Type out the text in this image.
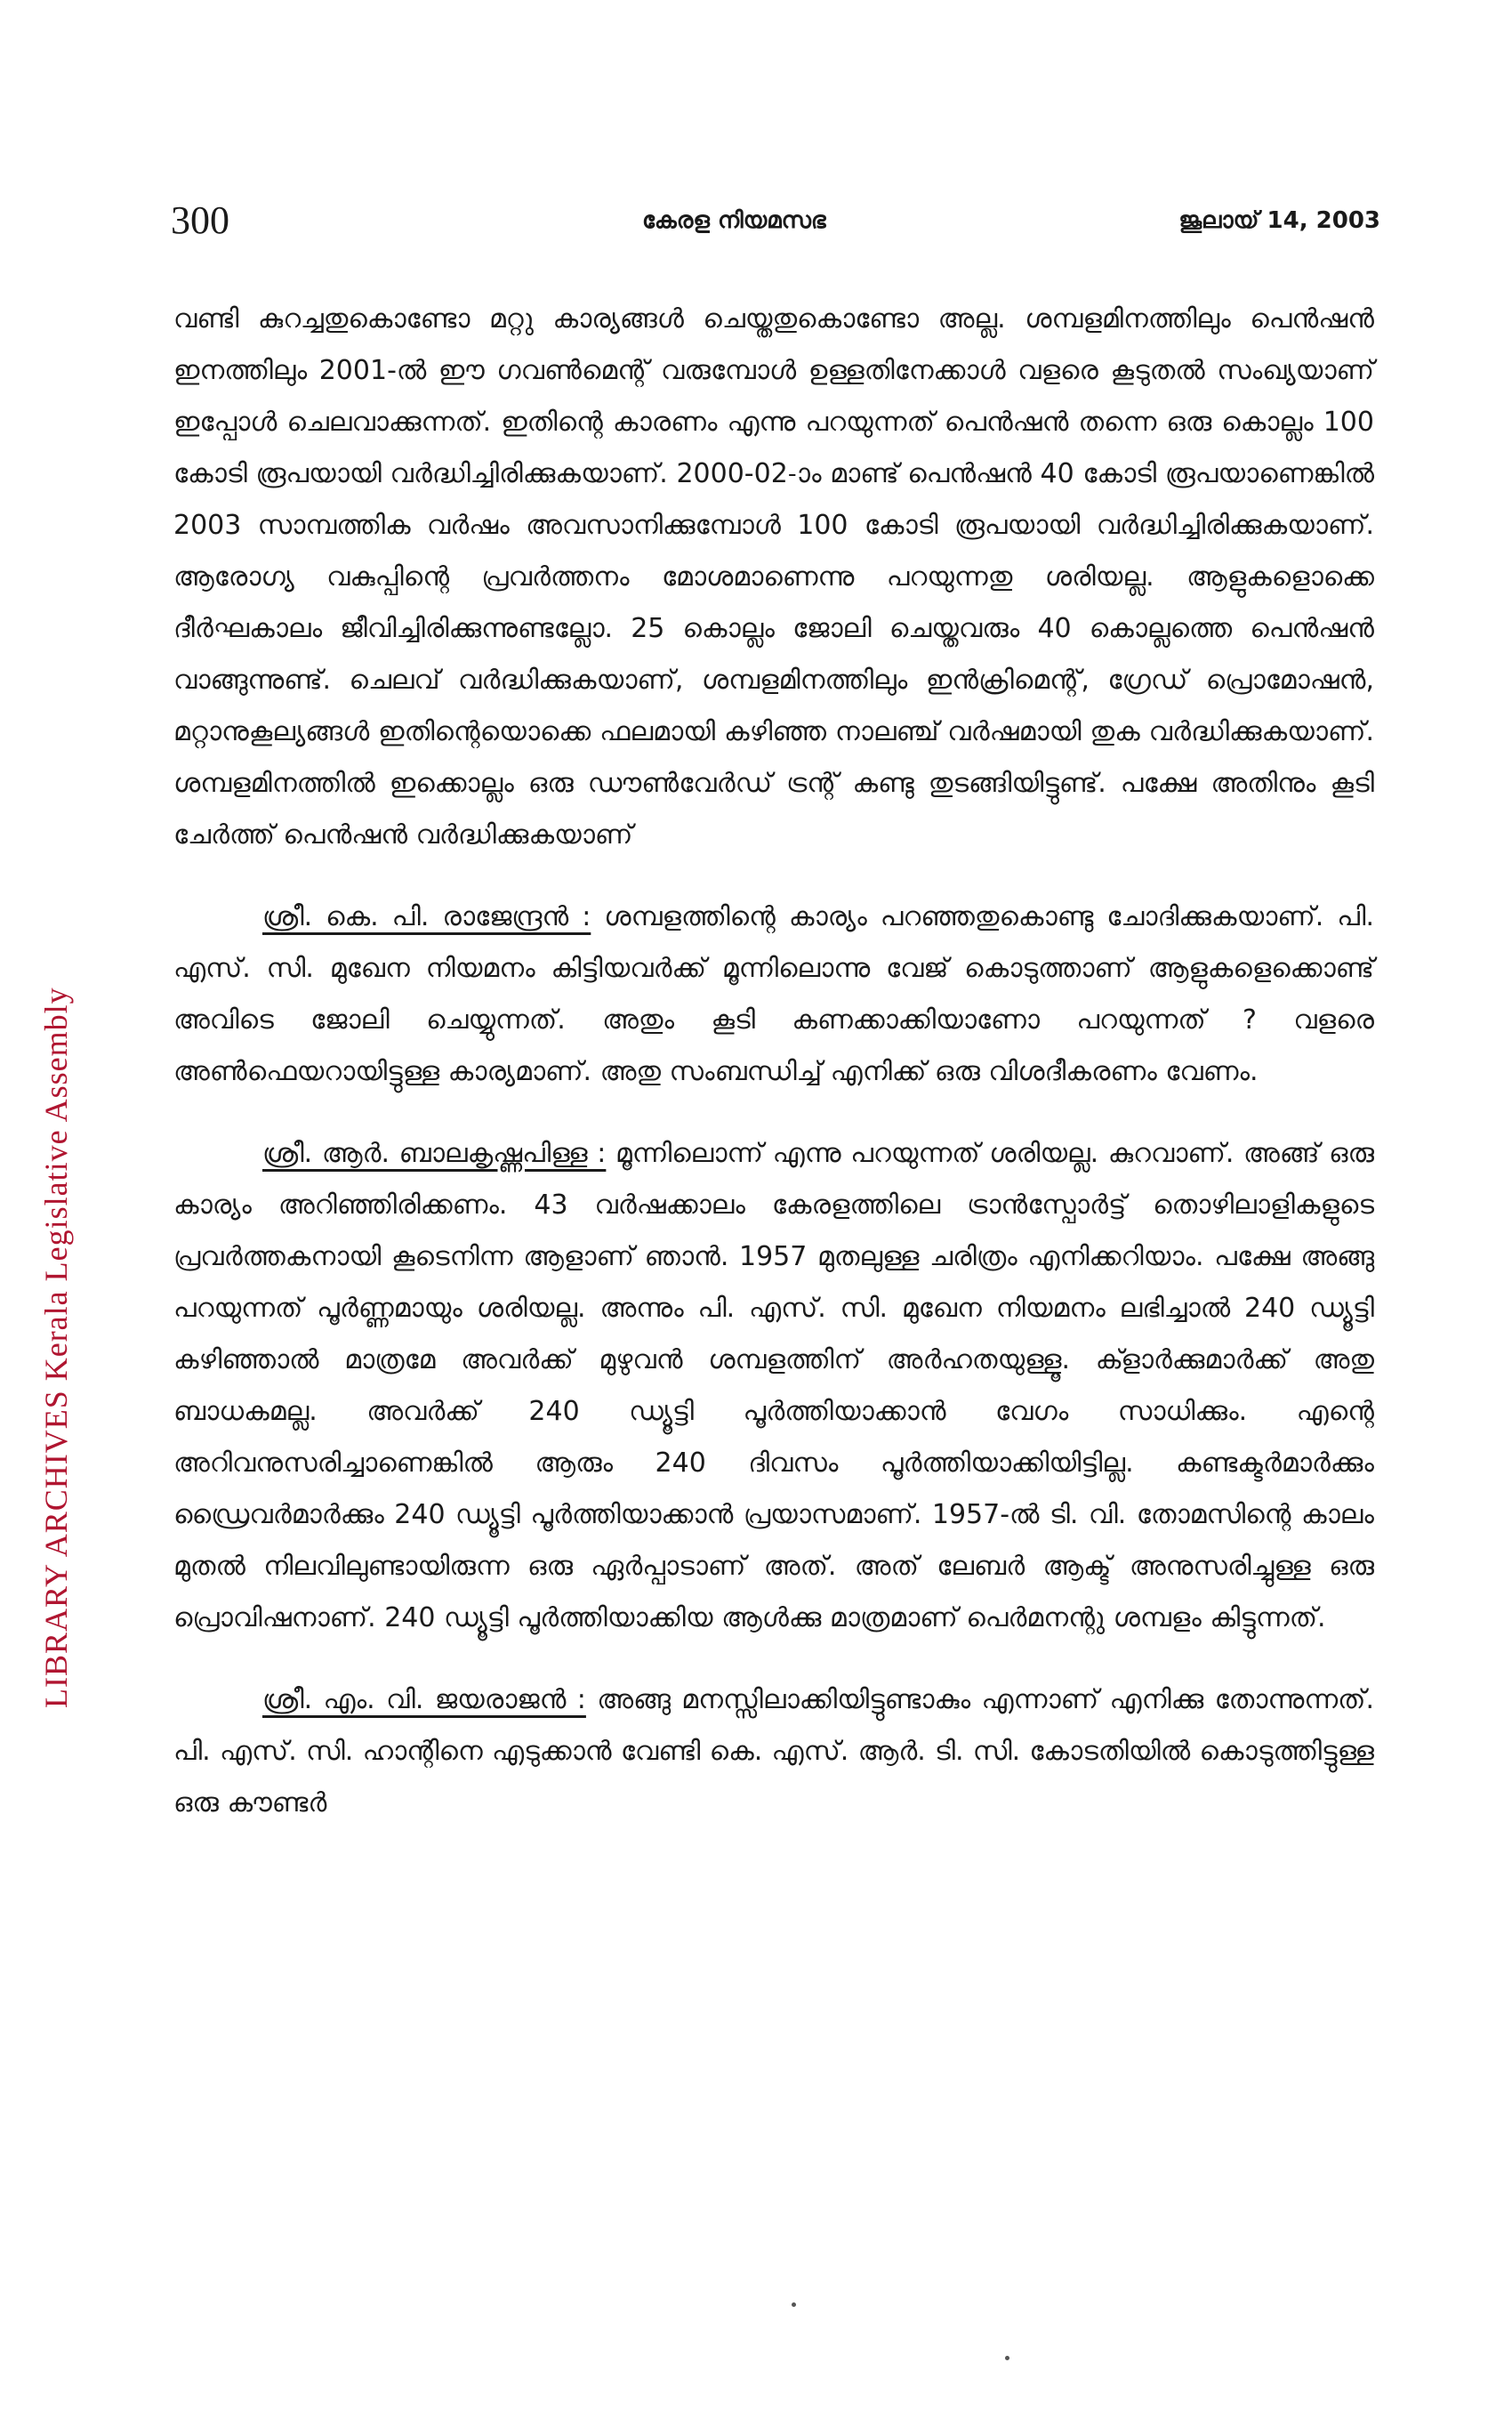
300	കേരള നിയമസഭ	ജൂലായ് 14, 2003
LIBRARY ARCHIVES Kerala Legislative Assembly

വണ്ടി കുറച്ചതുകൊണ്ടോ മറ്റു കാര്യങ്ങൾ ചെയ്തതുകൊണ്ടോ അല്ല. ശമ്പളമിനത്തിലും പെൻഷൻ ഇനത്തിലും 2001-ൽ ഈ ഗവൺമെന്റ് വരുമ്പോൾ ഉള്ളതിനേക്കാൾ വളരെ കൂടുതൽ സംഖ്യയാണ് ഇപ്പോൾ ചെലവാക്കുന്നത്. ഇതിന്റെ കാരണം എന്നു പറയുന്നത് പെൻഷൻ തന്നെ ഒരു കൊല്ലം 100 കോടി രൂപയായി വർദ്ധിച്ചിരിക്കുകയാണ്. 2000-02-ാം മാണ്ട് പെൻഷൻ 40 കോടി രൂപയാണെങ്കിൽ 2003 സാമ്പത്തിക വർഷം അവസാനിക്കുമ്പോൾ 100 കോടി രൂപയായി വർദ്ധിച്ചിരിക്കുകയാണ്. ആരോഗ്യ വകുപ്പിന്റെ പ്രവർത്തനം മോശമാണെന്നു പറയുന്നതു ശരിയല്ല. ആളുകളൊക്കെ ദീർഘകാലം ജീവിച്ചിരിക്കുന്നുണ്ടല്ലോ. 25 കൊല്ലം ജോലി ചെയ്തവരും 40 കൊല്ലത്തെ പെൻഷൻ വാങ്ങുന്നുണ്ട്. ചെലവ് വർദ്ധിക്കുകയാണ്, ശമ്പളമിനത്തിലും ഇൻക്രിമെന്റ്, ഗ്രേഡ് പ്രൊമോഷൻ, മറ്റാനുകൂല്യങ്ങൾ ഇതിന്റെയൊക്കെ ഫലമായി കഴിഞ്ഞ നാലഞ്ച് വർഷമായി തുക വർദ്ധിക്കുകയാണ്. ശമ്പളമിനത്തിൽ ഇക്കൊല്ലം ഒരു ഡൗൺവേർഡ് ട്രന്റ് കണ്ടു തുടങ്ങിയിട്ടുണ്ട്. പക്ഷേ അതിനും കൂടി ചേർത്ത് പെൻഷൻ വർദ്ധിക്കുകയാണ്

ശ്രീ. കെ. പി. രാജേന്ദ്രൻ : ശമ്പളത്തിന്റെ കാര്യം പറഞ്ഞതുകൊണ്ടു ചോദിക്കുകയാണ്. പി. എസ്. സി. മുഖേന നിയമനം കിട്ടിയവർക്ക് മൂന്നിലൊന്നു വേജ് കൊടുത്താണ് ആളുകളെക്കൊണ്ട് അവിടെ ജോലി ചെയ്യുന്നത്. അതും കൂടി കണക്കാക്കിയാണോ പറയുന്നത് ? വളരെ അൺഫെയറായിട്ടുള്ള കാര്യമാണ്. അതു സംബന്ധിച്ച് എനിക്ക് ഒരു വിശദീകരണം വേണം.

ശ്രീ. ആർ. ബാലകൃഷ്ണപിള്ള : മൂന്നിലൊന്ന് എന്നു പറയുന്നത് ശരിയല്ല. കുറവാണ്. അങ്ങ് ഒരു കാര്യം അറിഞ്ഞിരിക്കണം. 43 വർഷക്കാലം കേരളത്തിലെ ട്രാൻസ്പോർട്ട് തൊഴിലാളികളുടെ പ്രവർത്തകനായി കൂടെനിന്ന ആളാണ് ഞാൻ. 1957 മുതലുള്ള ചരിത്രം എനിക്കറിയാം. പക്ഷേ അങ്ങു പറയുന്നത് പൂർണ്ണമായും ശരിയല്ല. അന്നും പി. എസ്. സി. മുഖേന നിയമനം ലഭിച്ചാൽ 240 ഡ്യൂട്ടി കഴിഞ്ഞാൽ മാത്രമേ അവർക്ക് മുഴുവൻ ശമ്പളത്തിന് അർഹതയുള്ളൂ. ക്ളാർക്കുമാർക്ക് അതു ബാധകമല്ല. അവർക്ക് 240 ഡ്യൂട്ടി പൂർത്തിയാക്കാൻ വേഗം സാധിക്കും. എന്റെ അറിവനുസരിച്ചാണെങ്കിൽ ആരും 240 ദിവസം പൂർത്തിയാക്കിയിട്ടില്ല. കണ്ടക്ടർമാർക്കും ഡ്രൈവർമാർക്കും 240 ഡ്യൂട്ടി പൂർത്തിയാക്കാൻ പ്രയാസമാണ്. 1957-ൽ ടി. വി. തോമസിന്റെ കാലം മുതൽ നിലവിലുണ്ടായിരുന്ന ഒരു ഏർപ്പാടാണ് അത്. അത് ലേബർ ആക്ട് അനുസരിച്ചുള്ള ഒരു പ്രൊവിഷനാണ്. 240 ഡ്യൂട്ടി പൂർത്തിയാക്കിയ ആൾക്കു മാത്രമാണ് പെർമനന്റു ശമ്പളം കിട്ടുന്നത്.

ശ്രീ. എം. വി. ജയരാജൻ : അങ്ങു മനസ്സിലാക്കിയിട്ടുണ്ടാകും എന്നാണ് എനിക്കു തോന്നുന്നത്. പി. എസ്. സി. ഹാന്റിനെ എടുക്കാൻ വേണ്ടി കെ. എസ്. ആർ. ടി. സി. കോടതിയിൽ കൊടുത്തിട്ടുള്ള ഒരു കൗണ്ടർ
